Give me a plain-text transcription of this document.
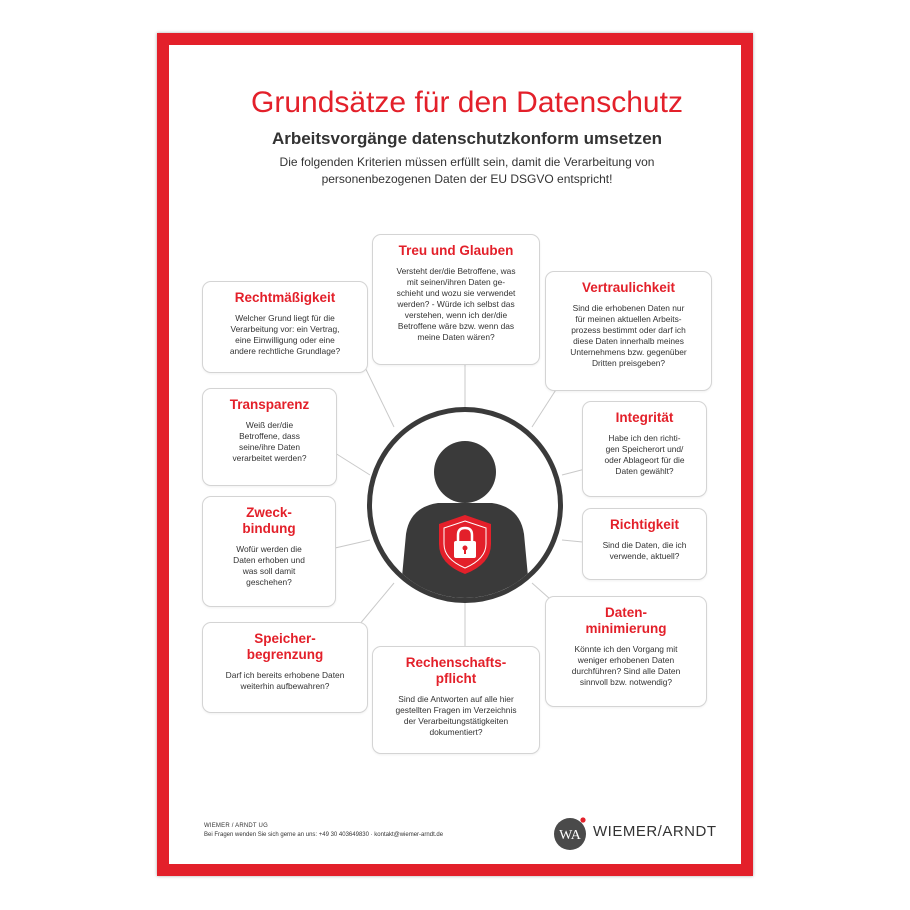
Grundsätze für den Datenschutz
Arbeitsvorgänge datenschutzkonform umsetzen

Die folgenden Kriterien müssen erfüllt sein, damit die Verarbeitung von personenbezogenen Daten der EU DSGVO entspricht!

Rechtmäßigkeit

Welcher Grund liegt für die
Verarbeitung vor: ein Vertrag,
eine Einwilligung oder eine
andere rechtliche Grundlage?

Treu und Glauben

Versteht der/die Betroffene, was
mit seinen/ihren Daten ge-
schieht und wozu sie verwendet
werden? - Würde ich selbst das
verstehen, wenn ich der/die
Betroffene wäre bzw. wenn das
meine Daten wären?

Vertraulichkeit

Sind die erhobenen Daten nur
für meinen aktuellen Arbeits-
prozess bestimmt oder darf ich
diese Daten innerhalb meines
Unternehmens bzw. gegenüber
Dritten preisgeben?

Transparenz

Weiß der/die
Betroffene, dass
seine/ihre Daten
verarbeitet werden?

Integrität

Habe ich den richti-
gen Speicherort und/
oder Ablageort für die
Daten gewählt?

Zweck-
bindung

Wofür werden die
Daten erhoben und
was soll damit
geschehen?

Richtigkeit

Sind die Daten, die ich
verwende, aktuell?

Speicher-
begrenzung

Darf ich bereits erhobene Daten
weiterhin aufbewahren?

Rechenschafts-
pflicht

Sind die Antworten auf alle hier
gestellten Fragen im Verzeichnis
der Verarbeitungstätigkeiten
dokumentiert?

Daten-
minimierung

Könnte ich den Vorgang mit
weniger erhobenen Daten
durchführen? Sind alle Daten
sinnvoll bzw. notwendig?

WIEMER / ARNDT UG

Bei Fragen wenden Sie sich gerne an uns: +49 30 403649830 · kontakt@wiemer-arndt.de	WA WIEMER/ARNDT
